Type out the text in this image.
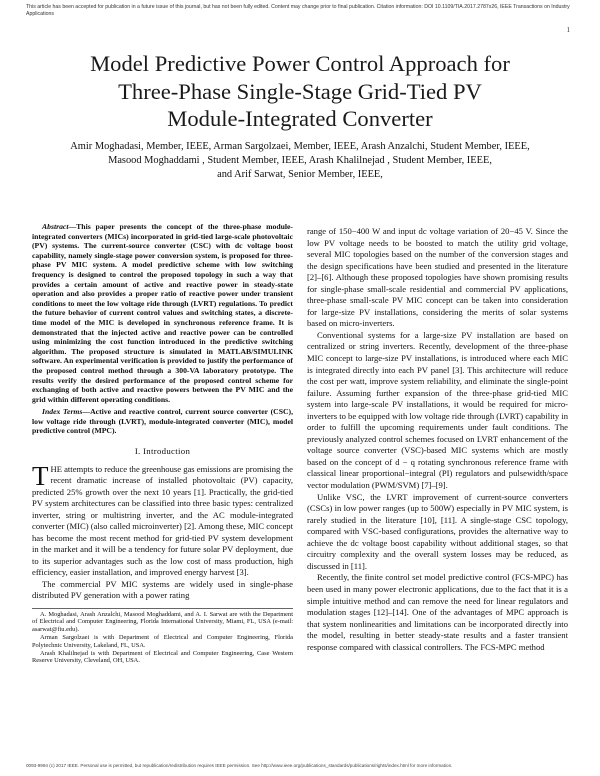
This article has been accepted for publication in a future issue of this journal, but has not been fully edited. Content may change prior to final publication. Citation information: DOI 10.1109/TIA.2017.2787x26, IEEE Transactions on Industry Applications
1
Model Predictive Power Control Approach for
Three-Phase Single-Stage Grid-Tied PV
Module-Integrated Converter
Amir Moghadasi, Member, IEEE, Arman Sargolzaei, Member, IEEE, Arash Anzalchi, Student Member, IEEE,
Masood Moghaddami , Student Member, IEEE, Arash Khalilnejad , Student Member, IEEE,
and Arif Sarwat, Senior Member, IEEE,

Abstract—This paper presents the concept of the three-phase module-integrated converters (MICs) incorporated in grid-tied large-scale photovoltaic (PV) systems. The current-source converter (CSC) with dc voltage boost capability, namely single-stage power conversion system, is proposed for three-phase PV MIC system. A model predictive scheme with low switching frequency is designed to control the proposed topology in such a way that provides a certain amount of active and reactive power in steady-state operation and also provides a proper ratio of reactive power under transient conditions to meet the low voltage ride through (LVRT) regulations. To predict the future behavior of current control values and switching states, a discrete-time model of the MIC is developed in synchronous reference frame. It is demonstrated that the injected active and reactive power can be controlled using minimizing the cost function introduced in the predictive switching algorithm. The proposed structure is simulated in MATLAB/SIMULINK software. An experimental verification is provided to justify the performance of the proposed control method through a 300-VA laboratory prototype. The results verify the desired performance of the proposed control scheme for exchanging of both active and reactive powers between the PV MIC and the grid within different operating conditions.

Index Terms—Active and reactive control, current source converter (CSC), low voltage ride through (LVRT), module-integrated converter (MIC), model predictive control (MPC).

I. Introduction

THE attempts to reduce the greenhouse gas emissions are promising the recent dramatic increase of installed photovoltaic (PV) capacity, predicted 25% growth over the next 10 years [1]. Practically, the grid-tied PV system architectures can be classified into three basic types: centralized inverter, string or multistring inverter, and the AC module-integrated converter (MIC) (also called microinverter) [2]. Among these, MIC concept has become the most recent method for grid-tied PV system development in the market and it will be a tendency for future solar PV deployment, due to its superior advantages such as the low cost of mass production, high efficiency, easier installation, and improved energy harvest [3].

The commercial PV MIC systems are widely used in single-phase distributed PV generation with a power rating

A. Moghadasi, Arash Anzalchi, Masood Moghaddami, and A. I. Sarwat are with the Department of Electrical and Computer Engineering, Florida International University, Miami, FL, USA (e-mail: asarwat@fiu.edu).

Arman Sargolzaei is with Department of Electrical and Computer Engineering, Florida Polytechnic University, Lakeland, FL, USA.

Arash Khalilnejad is with Department of Electrical and Computer Engineering, Case Western Reserve University, Cleveland, OH, USA.

range of 150−400 W and input dc voltage variation of 20−45 V. Since the low PV voltage needs to be boosted to match the utility grid voltage, several MIC topologies based on the number of the conversion stages and the design specifications have been studied and presented in the literature [2]–[6]. Although these proposed topologies have shown promising results for single-phase small-scale residential and commercial PV applications, three-phase small-scale PV MIC concept can be taken into consideration for large-size PV installations, considering the merits of solar systems based on micro-inverters.

Conventional systems for a large-size PV installation are based on centralized or string inverters. Recently, development of the three-phase MIC concept to large-size PV installations, is introduced where each MIC is integrated directly into each PV panel [3]. This architecture will reduce the cost per watt, improve system reliability, and eliminate the single-point failure. Assuming further expansion of the three-phase grid-tied MIC system into large-scale PV installations, it would be required for micro-inverters to be equipped with low voltage ride through (LVRT) capability in order to fulfill the upcoming requirements under fault conditions. The previously analyzed control schemes focused on LVRT enhancement of the voltage source converter (VSC)-based MIC systems which are mostly based on the concept of d − q rotating synchronous reference frame with classical linear proportional−integral (PI) regulators and pulsewidth/space vector modulation (PWM/SVM) [7]–[9].

Unlike VSC, the LVRT improvement of current-source converters (CSCs) in low power ranges (up to 500W) especially in PV MIC system, is rarely studied in the literature [10], [11]. A single-stage CSC topology, compared with VSC-based configurations, provides the alternative way to achieve the dc voltage boost capability without additional stages, so that circuitry complexity and the overall system losses may be reduced, as discussed in [11].

Recently, the finite control set model predictive control (FCS-MPC) has been used in many power electronic applications, due to the fact that it is a simple intuitive method and can remove the need for linear regulators and modulation stages [12]–[14]. One of the advantages of MPC approach is that system nonlinearities and limitations can be incorporated directly into the model, resulting in better steady-state results and a faster transient response compared with classical controllers. The FCS-MPC method

0093-9994 (c) 2017 IEEE. Personal use is permitted, but republication/redistribution requires IEEE permission. See http://www.ieee.org/publications_standards/publications/rights/index.html for more information.
